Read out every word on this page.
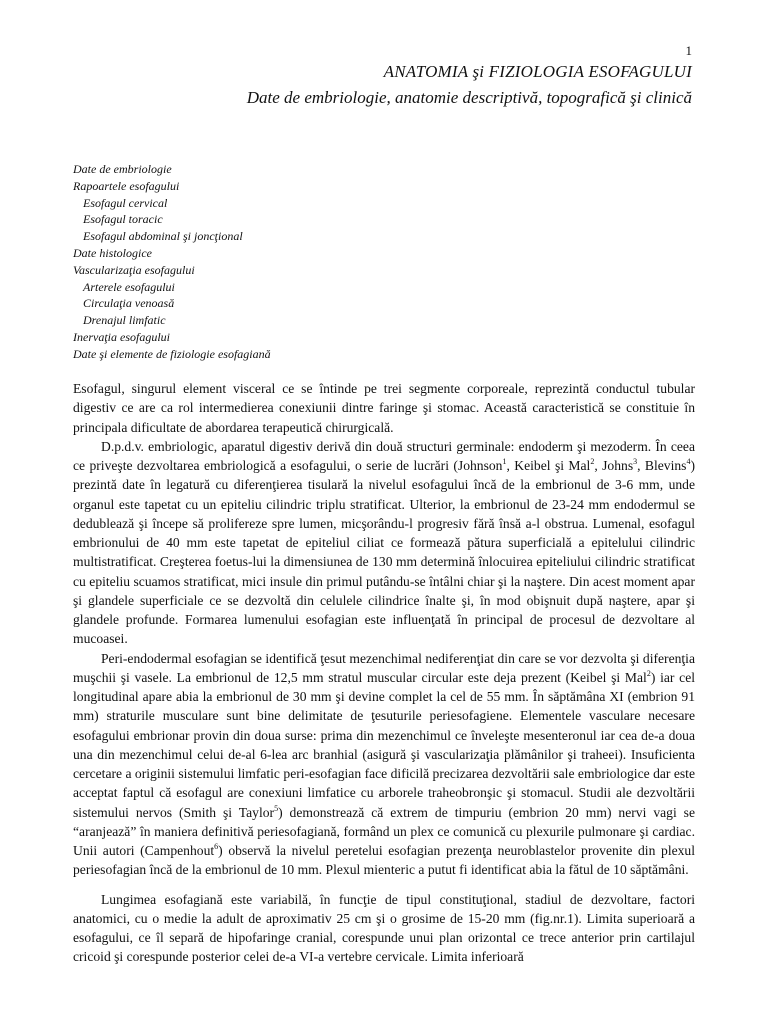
1
ANATOMIA şi FIZIOLOGIA ESOFAGULUI
Date de embriologie, anatomie descriptivă, topografică şi clinică
Date de embriologie
Rapoartele esofagului
Esofagul cervical
Esofagul toracic
Esofagul abdominal şi joncţional
Date histologice
Vascularizaţia esofagului
Arterele esofagului
Circulaţia venoasă
Drenajul limfatic
Inervaţia esofagului
Date şi elemente de fiziologie esofagiană

Esofagul, singurul element visceral ce se întinde pe trei segmente corporeale, reprezintă conductul tubular digestiv ce are ca rol intermedierea conexiunii dintre faringe şi stomac. Această caracteristică se constituie în principala dificultate de abordarea terapeutică chirurgicală.

D.p.d.v. embriologic, aparatul digestiv derivă din două structuri germinale: endoderm şi mezoderm. În ceea ce priveşte dezvoltarea embriologică a esofagului, o serie de lucrări (Johnson$^1$, Keibel şi Mal$^2$, Johns$^3$, Blevins$^4$) prezintă date în legatură cu diferenţierea tisulară la nivelul esofagului încă de la embrionul de 3-6 mm, unde organul este tapetat cu un epiteliu cilindric triplu stratificat. Ulterior, la embrionul de 23-24 mm endodermul se dedublează şi începe să prolifereze spre lumen, micşorându-l progresiv fără însă a-l obstrua. Lumenal, esofagul embrionului de 40 mm este tapetat de epiteliul ciliat ce formează pătura superficială a epitelului cilindric multistratificat. Creşterea foetus-lui la dimensiunea de 130 mm determină înlocuirea epiteliului cilindric stratificat cu epiteliu scuamos stratificat, mici insule din primul putându-se întâlni chiar şi la naştere. Din acest moment apar şi glandele superficiale ce se dezvoltă din celulele cilindrice înalte şi, în mod obişnuit după naştere, apar şi glandele profunde. Formarea lumenului esofagian este influenţată în principal de procesul de dezvoltare al mucoasei.

Peri-endodermal esofagian se identifică ţesut mezenchimal nediferenţiat din care se vor dezvolta şi diferenţia muşchii şi vasele. La embrionul de 12,5 mm stratul muscular circular este deja prezent (Keibel şi Mal$^2$) iar cel longitudinal apare abia la embrionul de 30 mm şi devine complet la cel de 55 mm. În săptămâna XI (embrion 91 mm) straturile musculare sunt bine delimitate de ţesuturile periesofagiene. Elementele vasculare necesare esofagului embrionar provin din doua surse: prima din mezenchimul ce înveleşte mesenteronul iar cea de-a doua una din mezenchimul celui de-al 6-lea arc branhial (asigură şi vascularizaţia plămânilor şi traheei). Insuficienta cercetare a originii sistemului limfatic peri-esofagian face dificilă precizarea dezvoltării sale embriologice dar este acceptat faptul că esofagul are conexiuni limfatice cu arborele traheobronşic şi stomacul. Studii ale dezvoltării sistemului nervos (Smith şi Taylor$^5$) demonstrează că extrem de timpuriu (embrion 20 mm) nervi vagi se “aranjează” în maniera definitivă periesofagiană, formând un plex ce comunică cu plexurile pulmonare şi cardiac. Unii autori (Campenhout$^6$) observă la nivelul peretelui esofagian prezenţa neuroblastelor provenite din plexul periesofagian încă de la embrionul de 10 mm. Plexul mienteric a putut fi identificat abia la fătul de 10 săptămâni.

Lungimea esofagiană este variabilă, în funcţie de tipul constituţional, stadiul de dezvoltare, factori anatomici, cu o medie la adult de aproximativ 25 cm şi o grosime de 15-20 mm (fig.nr.1). Limita superioară a esofagului, ce îl separă de hipofaringe cranial, corespunde unui plan orizontal ce trece anterior prin cartilajul cricoid şi corespunde posterior celei de-a VI-a vertebre cervicale. Limita inferioară
